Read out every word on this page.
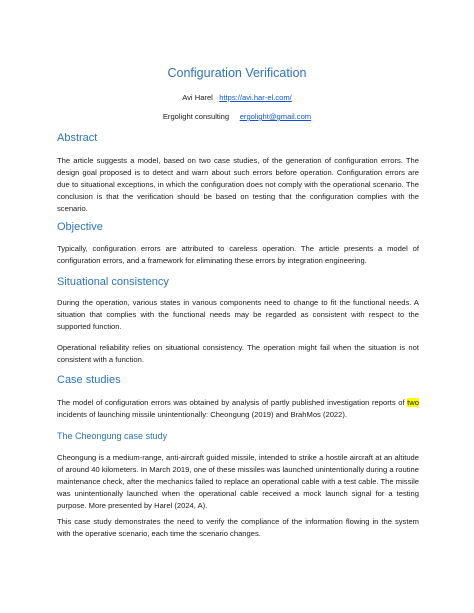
Configuration Verification
Avi Harel https://avi.har-el.com/
Ergolight consulting ergolight@gmail.com
Abstract
The article suggests a model, based on two case studies, of the generation of configuration errors. The design goal proposed is to detect and warn about such errors before operation. Configuration errors are due to situational exceptions, in which the configuration does not comply with the operational scenario. The conclusion is that the verification should be based on testing that the configuration complies with the scenario.
Objective
Typically, configuration errors are attributed to careless operation. The article presents a model of configuration errors, and a framework for eliminating these errors by integration engineering.
Situational consistency
During the operation, various states in various components need to change to fit the functional needs. A situation that complies with the functional needs may be regarded as consistent with respect to the supported function.
Operational reliability relies on situational consistency. The operation might fail when the situation is not consistent with a function.
Case studies
The model of configuration errors was obtained by analysis of partly published investigation reports of two incidents of launching missile unintentionally: Cheongung (2019) and BrahMos (2022).
The Cheongung case study
Cheongung is a medium-range, anti-aircraft guided missile, intended to strike a hostile aircraft at an altitude of around 40 kilometers. In March 2019, one of these missiles was launched unintentionally during a routine maintenance check, after the mechanics failed to replace an operational cable with a test cable. The missile was unintentionally launched when the operational cable received a mock launch signal for a testing purpose. More presented by Harel (2024, A).
This case study demonstrates the need to verify the compliance of the information flowing in the system with the operative scenario, each time the scenario changes.
